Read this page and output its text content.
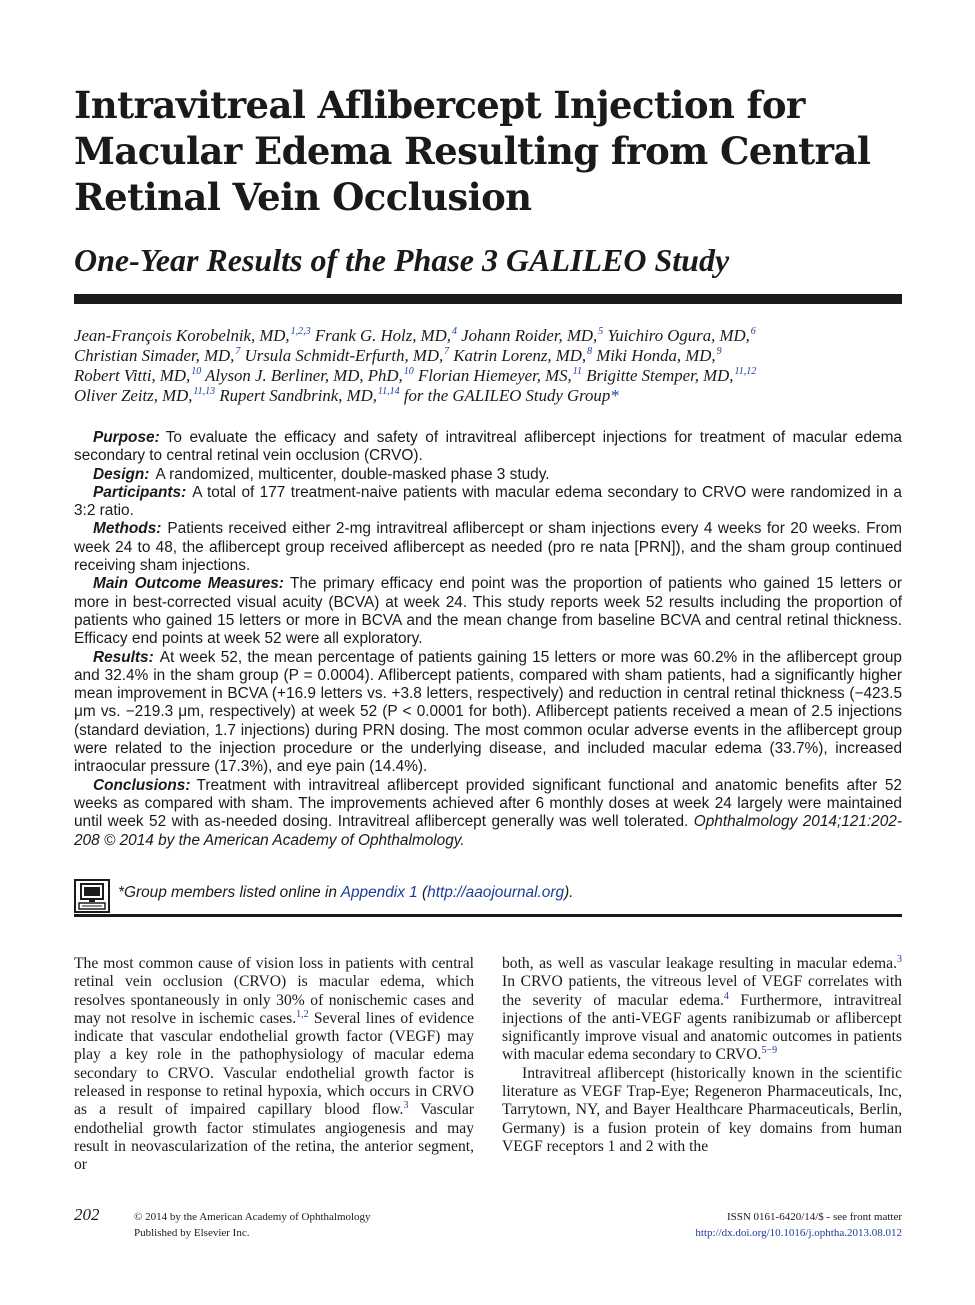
Intravitreal Aflibercept Injection for Macular Edema Resulting from Central Retinal Vein Occlusion
One-Year Results of the Phase 3 GALILEO Study
Jean-François Korobelnik, MD,$^{1,2,3}$ Frank G. Holz, MD,$^4$ Johann Roider, MD,$^5$ Yuichiro Ogura, MD,$^6$
Christian Simader, MD,$^7$ Ursula Schmidt-Erfurth, MD,$^7$ Katrin Lorenz, MD,$^8$ Miki Honda, MD,$^9$
Robert Vitti, MD,$^{10}$ Alyson J. Berliner, MD, PhD,$^{10}$ Florian Hiemeyer, MS,$^{11}$ Brigitte Stemper, MD,$^{11,12}$
Oliver Zeitz, MD,$^{11,13}$ Rupert Sandbrink, MD,$^{11,14}$ for the GALILEO Study Group*

Purpose: To evaluate the efficacy and safety of intravitreal aflibercept injections for treatment of macular edema secondary to central retinal vein occlusion (CRVO).

Design: A randomized, multicenter, double-masked phase 3 study.

Participants: A total of 177 treatment-naive patients with macular edema secondary to CRVO were randomized in a 3:2 ratio.

Methods: Patients received either 2-mg intravitreal aflibercept or sham injections every 4 weeks for 20 weeks. From week 24 to 48, the aflibercept group received aflibercept as needed (pro re nata [PRN]), and the sham group continued receiving sham injections.

Main Outcome Measures: The primary efficacy end point was the proportion of patients who gained 15 letters or more in best-corrected visual acuity (BCVA) at week 24. This study reports week 52 results including the proportion of patients who gained 15 letters or more in BCVA and the mean change from baseline BCVA and central retinal thickness. Efficacy end points at week 52 were all exploratory.

Results: At week 52, the mean percentage of patients gaining 15 letters or more was 60.2% in the aflibercept group and 32.4% in the sham group (P = 0.0004). Aflibercept patients, compared with sham patients, had a significantly higher mean improvement in BCVA (+16.9 letters vs. +3.8 letters, respectively) and reduction in central retinal thickness (−423.5 μm vs. −219.3 μm, respectively) at week 52 (P < 0.0001 for both). Aflibercept patients received a mean of 2.5 injections (standard deviation, 1.7 injections) during PRN dosing. The most common ocular adverse events in the aflibercept group were related to the injection procedure or the underlying disease, and included macular edema (33.7%), increased intraocular pressure (17.3%), and eye pain (14.4%).

Conclusions: Treatment with intravitreal aflibercept provided significant functional and anatomic benefits after 52 weeks as compared with sham. The improvements achieved after 6 monthly doses at week 24 largely were maintained until week 52 with as-needed dosing. Intravitreal aflibercept generally was well tolerated. Ophthalmology 2014;121:202-208 © 2014 by the American Academy of Ophthalmology.

*Group members listed online in Appendix 1 (http://aaojournal.org).

The most common cause of vision loss in patients with central retinal vein occlusion (CRVO) is macular edema, which resolves spontaneously in only 30% of nonischemic cases and may not resolve in ischemic cases.$^{1,2}$ Several lines of evidence indicate that vascular endothelial growth factor (VEGF) may play a key role in the pathophysiology of macular edema secondary to CRVO. Vascular endothelial growth factor is released in response to retinal hypoxia, which occurs in CRVO as a result of impaired capillary blood flow.$^3$ Vascular endothelial growth factor stimulates angiogenesis and may result in neovascularization of the retina, the anterior segment, or

both, as well as vascular leakage resulting in macular edema.$^3$ In CRVO patients, the vitreous level of VEGF correlates with the severity of macular edema.$^4$ Furthermore, intravitreal injections of the anti-VEGF agents ranibizumab or aflibercept significantly improve visual and anatomic outcomes in patients with macular edema secondary to CRVO.$^{5-9}$

Intravitreal aflibercept (historically known in the scientific literature as VEGF Trap-Eye; Regeneron Pharmaceuticals, Inc, Tarrytown, NY, and Bayer Healthcare Pharmaceuticals, Berlin, Germany) is a fusion protein of key domains from human VEGF receptors 1 and 2 with the

202	© 2014 by the American Academy of Ophthalmology
Published by Elsevier Inc.
ISSN 0161-6420/14/$ - see front matter
http://dx.doi.org/10.1016/j.ophtha.2013.08.012
